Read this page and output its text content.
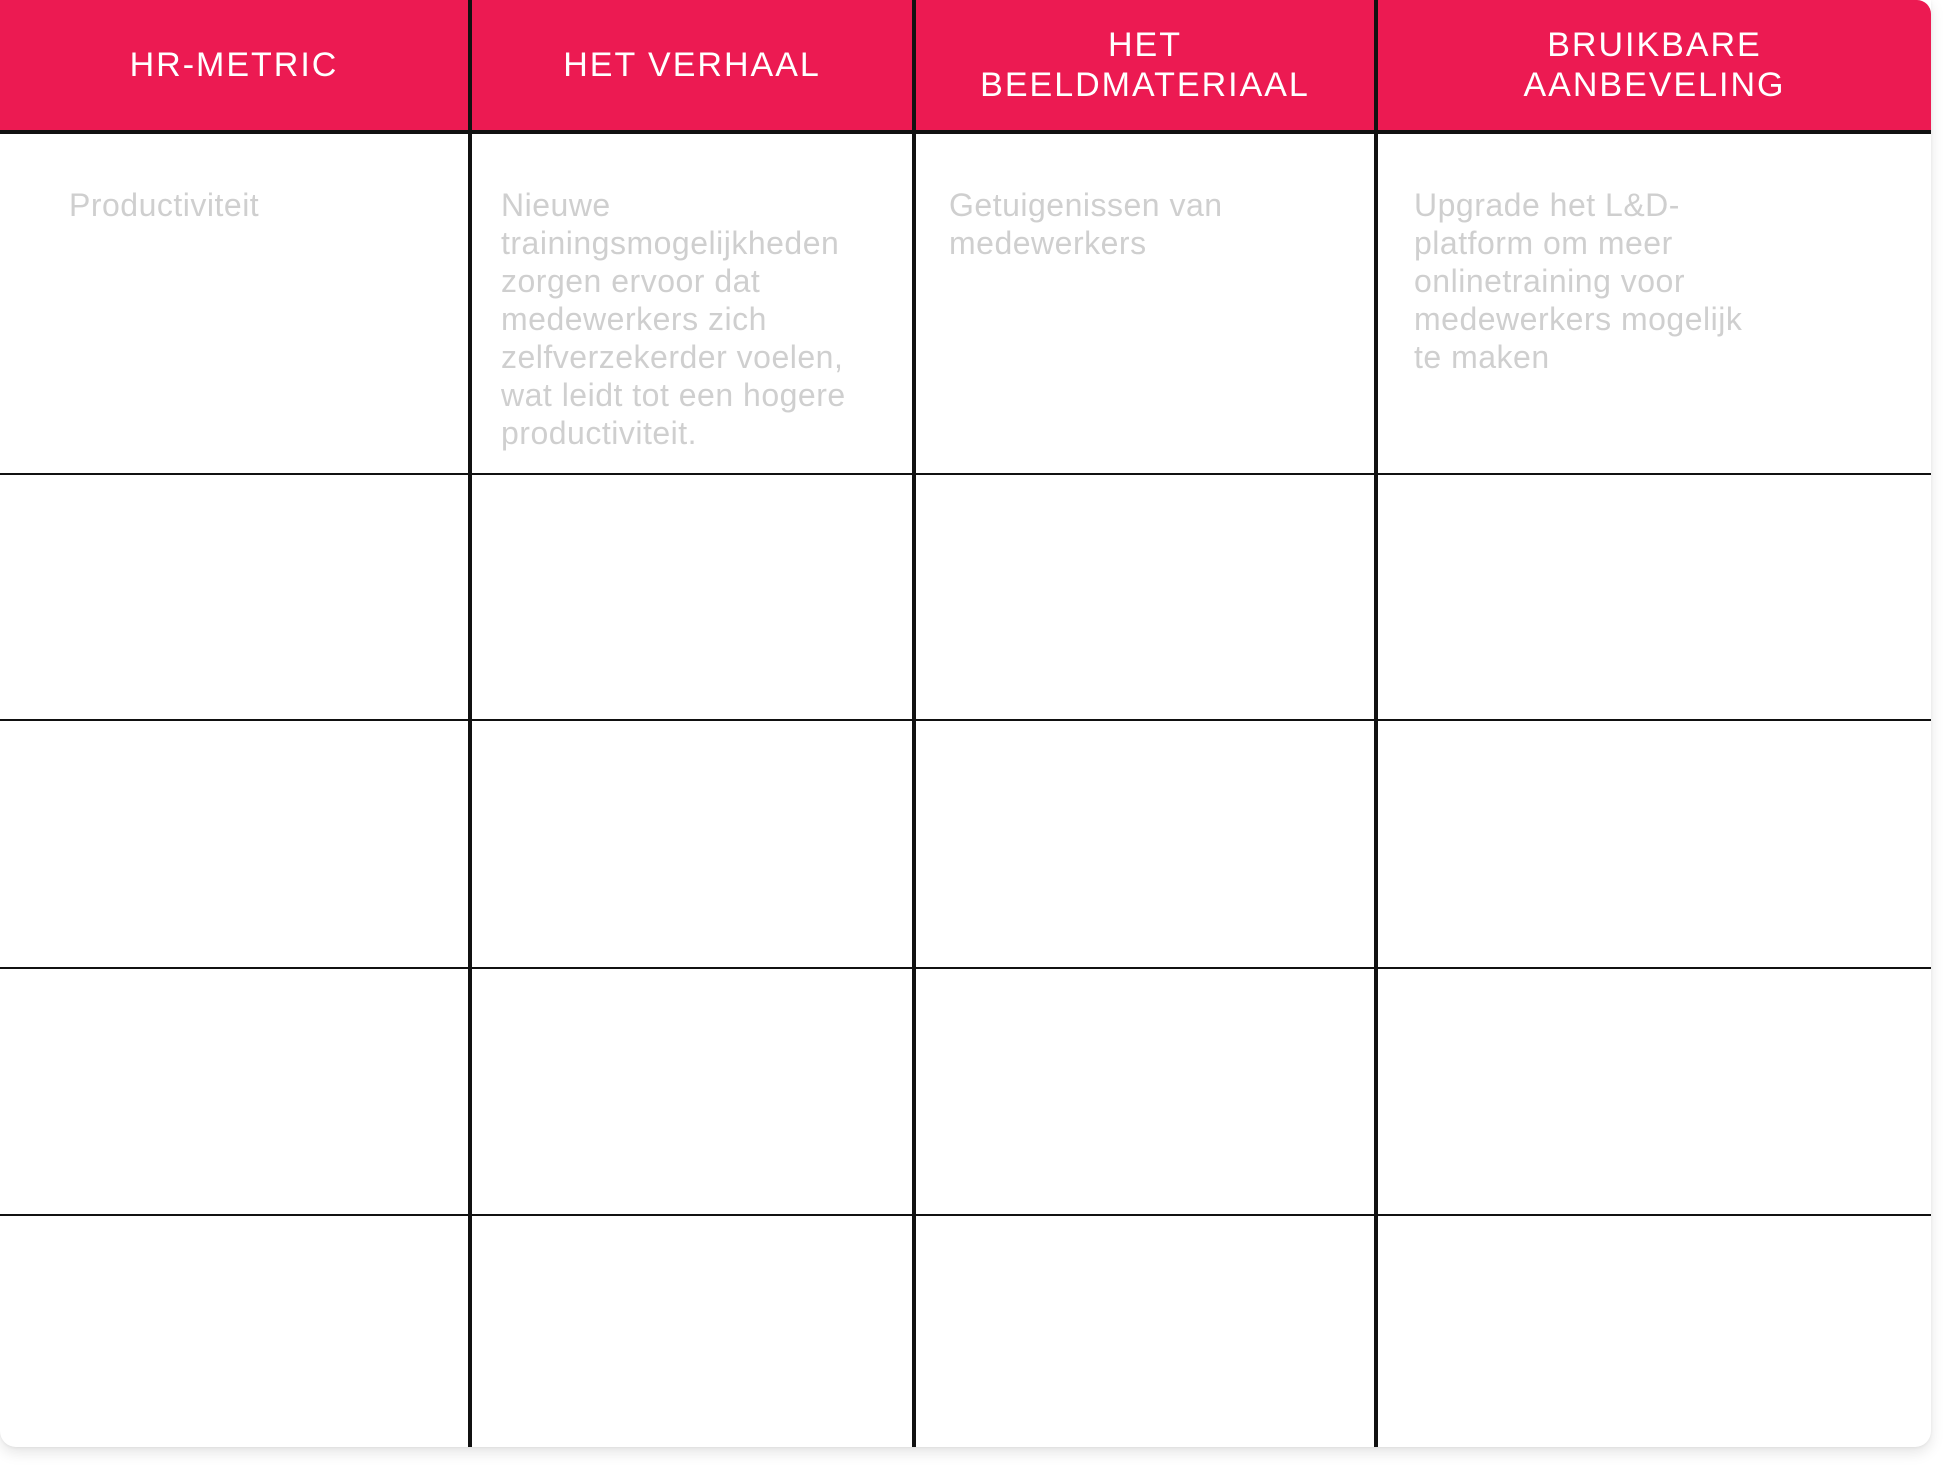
HR-METRIC	HET VERHAAL
HET
BEELDMATERIAAL
BRUIKBARE
AANBEVELING
Productiviteit	Nieuwe
trainingsmogelijkheden
zorgen ervoor dat
medewerkers zich
zelfverzekerder voelen,
wat leidt tot een hogere
productiviteit.
Getuigenissen van
medewerkers
Upgrade het L&D-
platform om meer
onlinetraining voor
medewerkers mogelijk
te maken
